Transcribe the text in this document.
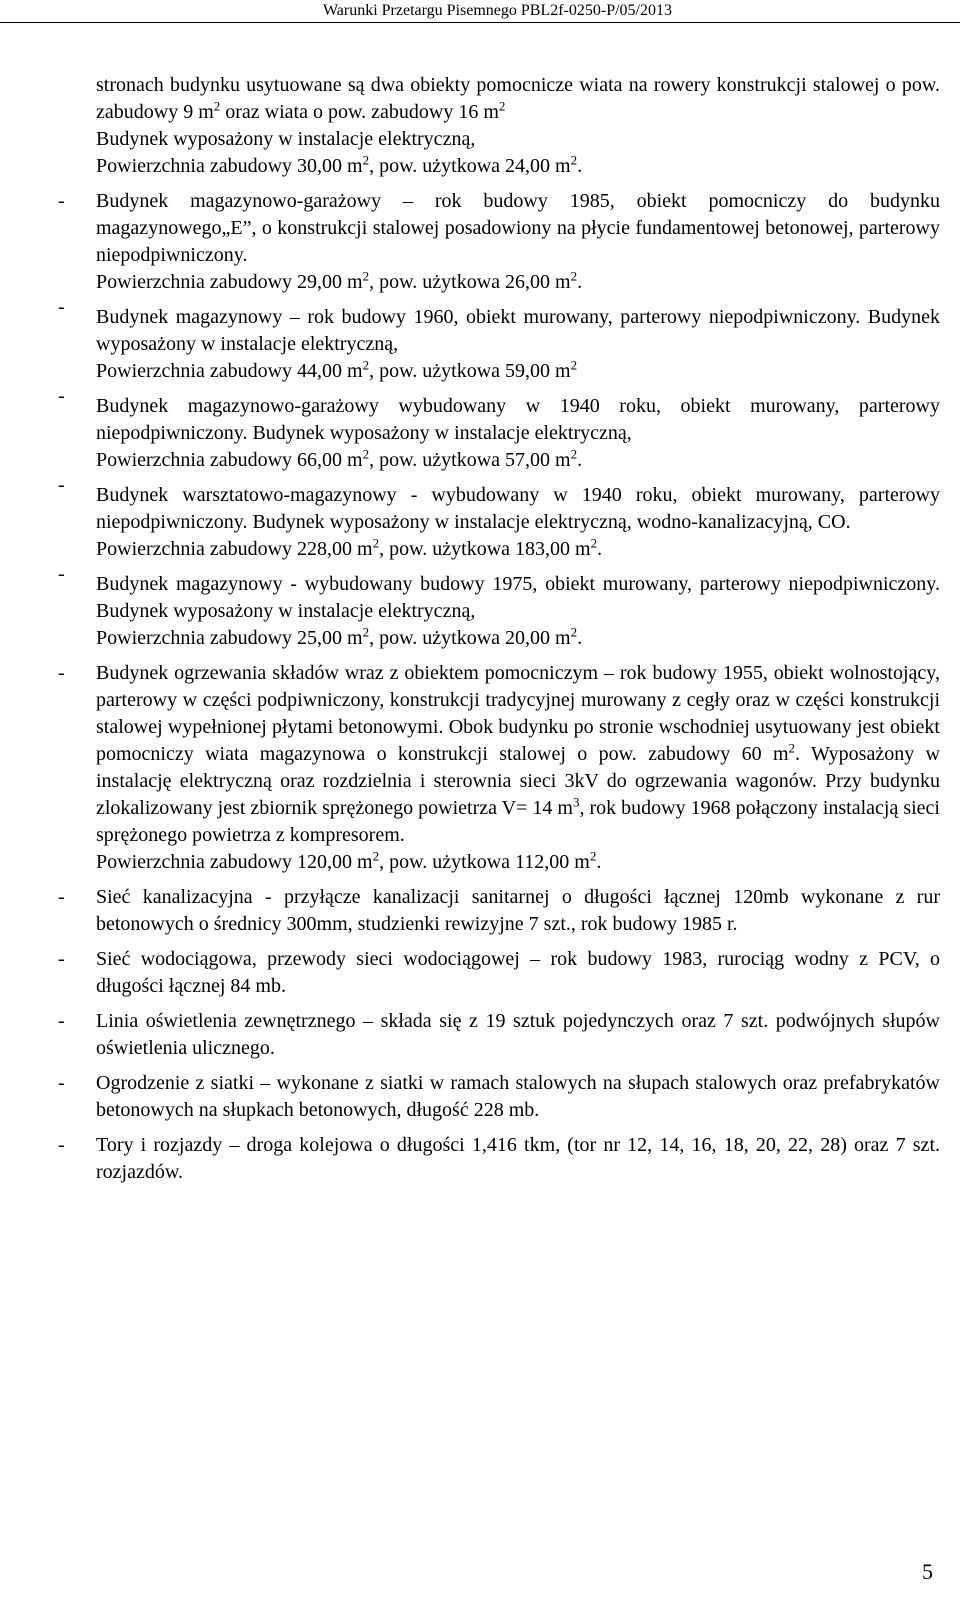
Warunki Przetargu Pisemnego PBL2f-0250-P/05/2013
stronach budynku usytuowane są dwa obiekty pomocnicze wiata na rowery konstrukcji stalowej o pow. zabudowy 9 $m^2$ oraz wiata o pow. zabudowy 16 $m^2$
Budynek wyposażony w instalacje elektryczną,
Powierzchnia zabudowy 30,00 $m^2$, pow. użytkowa 24,00 $m^2$.
- Budynek magazynowo-garażowy – rok budowy 1985, obiekt pomocniczy do budynku magazynowego„E”, o konstrukcji stalowej posadowiony na płycie fundamentowej betonowej, parterowy niepodpiwniczony.
Powierzchnia zabudowy 29,00 $m^2$, pow. użytkowa 26,00 $m^2$.
- Budynek magazynowy – rok budowy 1960, obiekt murowany, parterowy niepodpiwniczony. Budynek wyposażony w instalacje elektryczną,
Powierzchnia zabudowy 44,00 $m^2$, pow. użytkowa 59,00 $m^2$
- Budynek magazynowo-garażowy wybudowany w 1940 roku, obiekt murowany, parterowy niepodpiwniczony. Budynek wyposażony w instalacje elektryczną,
Powierzchnia zabudowy 66,00 $m^2$, pow. użytkowa 57,00 $m^2$.
- Budynek warsztatowo-magazynowy - wybudowany w 1940 roku, obiekt murowany, parterowy niepodpiwniczony. Budynek wyposażony w instalacje elektryczną, wodno-kanalizacyjną, CO.
Powierzchnia zabudowy 228,00 $m^2$, pow. użytkowa 183,00 $m^2$.
- Budynek magazynowy - wybudowany budowy 1975, obiekt murowany, parterowy niepodpiwniczony. Budynek wyposażony w instalacje elektryczną,
Powierzchnia zabudowy 25,00 $m^2$, pow. użytkowa 20,00 $m^2$.
- Budynek ogrzewania składów wraz z obiektem pomocniczym – rok budowy 1955, obiekt wolnostojący, parterowy w części podpiwniczony, konstrukcji tradycyjnej murowany z cegły oraz w części konstrukcji stalowej wypełnionej płytami betonowymi. Obok budynku po stronie wschodniej usytuowany jest obiekt pomocniczy wiata magazynowa o konstrukcji stalowej o pow. zabudowy 60 $m^2$. Wyposażony w instalację elektryczną oraz rozdzielnia i sterownia sieci 3kV do ogrzewania wagonów. Przy budynku zlokalizowany jest zbiornik sprężonego powietrza V= 14 $m^3$, rok budowy 1968 połączony instalacją sieci sprężonego powietrza z kompresorem.
Powierzchnia zabudowy 120,00 $m^2$, pow. użytkowa 112,00 $m^2$.
- Sieć kanalizacyjna - przyłącze kanalizacji sanitarnej o długości łącznej 120mb wykonane z rur betonowych o średnicy 300mm, studzienki rewizyjne 7 szt., rok budowy 1985 r.
- Sieć wodociągowa, przewody sieci wodociągowej – rok budowy 1983, rurociąg wodny z PCV, o długości łącznej 84 mb.
- Linia oświetlenia zewnętrznego – składa się z 19 sztuk pojedynczych oraz 7 szt. podwójnych słupów oświetlenia ulicznego.
- Ogrodzenie z siatki – wykonane z siatki w ramach stalowych na słupach stalowych oraz prefabrykatów betonowych na słupkach betonowych, długość 228 mb.
- Tory i rozjazdy – droga kolejowa o długości 1,416 tkm, (tor nr 12, 14, 16, 18, 20, 22, 28) oraz 7 szt. rozjazdów.
5
